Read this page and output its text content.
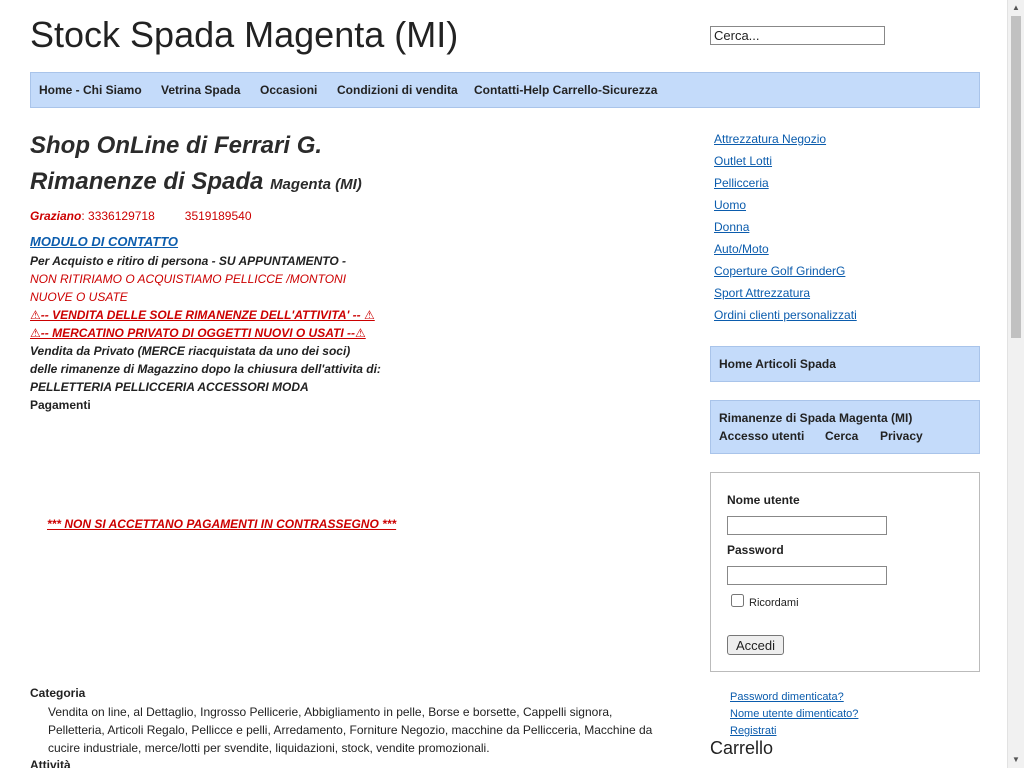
Stock Spada Magenta (MI)
Cerca...
Home - Chi Siamo Vetrina Spada Occasioni Condizioni di vendita Contatti-Help Carrello-Sicurezza
Shop OnLine di Ferrari G.
Rimanenze di Spada Magenta (MI)
Graziano: 3336129718	3519189540
MODULO DI CONTATTO
Per Acquisto e ritiro di persona - SU APPUNTAMENTO -
NON RITIRIAMO O ACQUISTIAMO PELLICCE /MONTONI
NUOVE O USATE
⚠-- VENDITA DELLE SOLE RIMANENZE DELL'ATTIVITA' -- ⚠
⚠-- MERCATINO PRIVATO DI OGGETTI NUOVI O USATI --⚠
Vendita da Privato (MERCE riacquistata da uno dei soci)
delle rimanenze di Magazzino dopo la chiusura dell'attivita di:
PELLETTERIA PELLICCERIA ACCESSORI MODA
Pagamenti
*** NON SI ACCETTANO PAGAMENTI IN CONTRASSEGNO ***
Categoria
Vendita on line, al Dettaglio, Ingrosso Pellicerie, Abbigliamento in pelle, Borse e borsette, Cappelli signora, Pelletteria, Articoli Regalo, Pellicce e pelli, Arredamento, Forniture Negozio, macchine da Pellicceria, Macchine da cucire industriale, merce/lotti per svendite, liquidazioni, stock, vendite promozionali.
Attività
Attrezzatura Negozio
Outlet Lotti
Pellicceria
Uomo
Donna
Auto/Moto
Coperture Golf GrinderG
Sport Attrezzatura
Ordini clienti personalizzati
Home Articoli Spada
Rimanenze di Spada Magenta (MI)
Accesso utenti Cerca Privacy
Nome utente
Password
Ricordami
Accedi
Password dimenticata?
Nome utente dimenticato?
Registrati
Carrello
▲
▼
